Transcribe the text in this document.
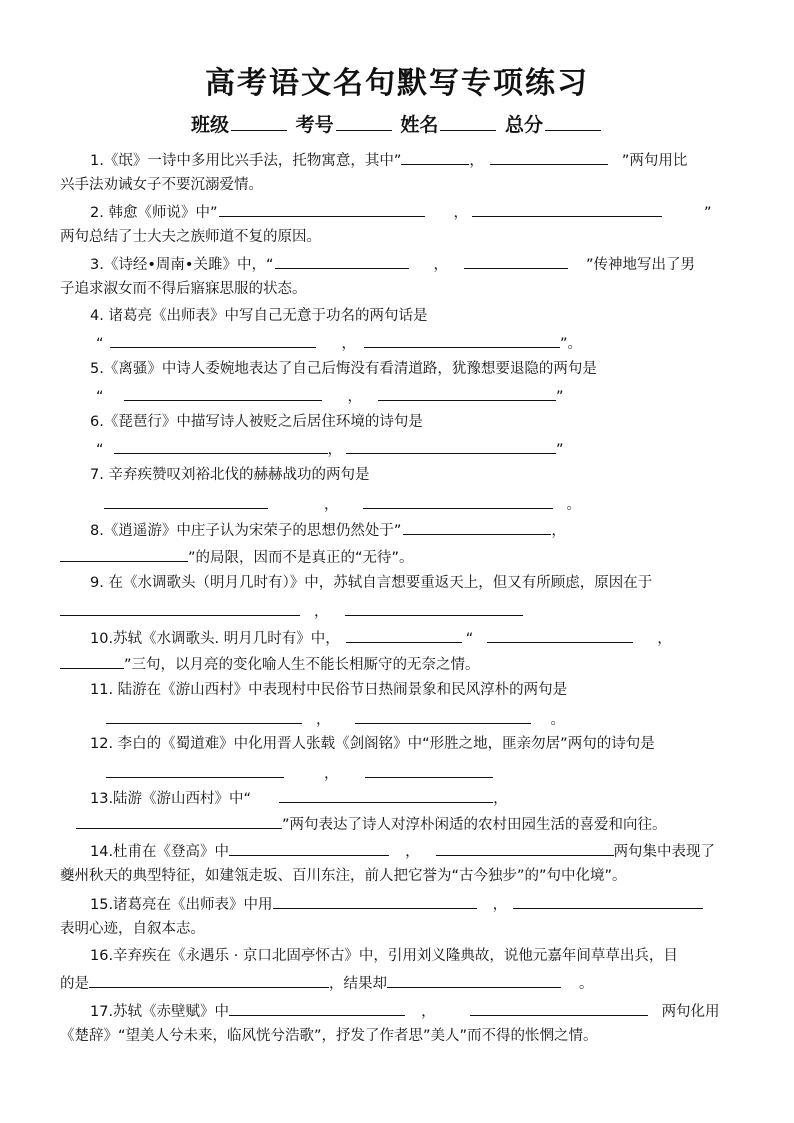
高考语文名句默写专项练习
班级	考号	姓名	总分
1.《氓》一诗中多用比兴手法，托物寓意，其中”	，	”两句用比
兴手法劝诫女子不要沉溺爱情。
2. 韩愈《师说》中”	，	”
两句总结了士大夫之族师道不复的原因。
3.《诗经•周南•关雎》中，“	，	”传神地写出了男
子追求淑女而不得后寤寐思服的状态。
4. 诸葛亮《出师表》中写自己无意于功名的两句话是
“	，	”。
5.《离骚》中诗人委婉地表达了自己后悔没有看清道路，犹豫想要退隐的两句是
“	，	”
6.《琵琶行》中描写诗人被贬之后居住环境的诗句是
“	，	”
7. 辛弃疾赞叹刘裕北伐的赫赫战功的两句是
，	。
8.《逍遥游》中庄子认为宋荣子的思想仍然处于”	，
”的局限，因而不是真正的“无待”。
9. 在《水调歌头（明月几时有）》中，苏轼自言想要重返天上，但又有所顾虑，原因在于
，
10.苏轼《水调歌头. 明月几时有》中，	“	，
”三句，以月亮的变化喻人生不能长相厮守的无奈之情。
11. 陆游在《游山西村》中表现村中民俗节日热闹景象和民风淳朴的两句是
，	。
12. 李白的《蜀道难》中化用晋人张载《剑阁铭》中“形胜之地，匪亲勿居”两句的诗句是
，
13.陆游《游山西村》中“	，
”两句表达了诗人对淳朴闲适的农村田园生活的喜爱和向往。
14.杜甫在《登高》中	，	两句集中表现了
夔州秋天的典型特征，如建瓴走坂、百川东注，前人把它誉为“古今独步”的”句中化境”。
15.诸葛亮在《出师表》中用	，
表明心迹，自叙本志。
16.辛弃疾在《永遇乐 · 京口北固亭怀古》中，引用刘义隆典故，说他元嘉年间草草出兵，目
的是	，结果却	。
17.苏轼《赤壁赋》中	，	两句化用
《楚辞》“望美人兮未来，临风恍兮浩歌”，抒发了作者思”美人”而不得的怅惘之情。
